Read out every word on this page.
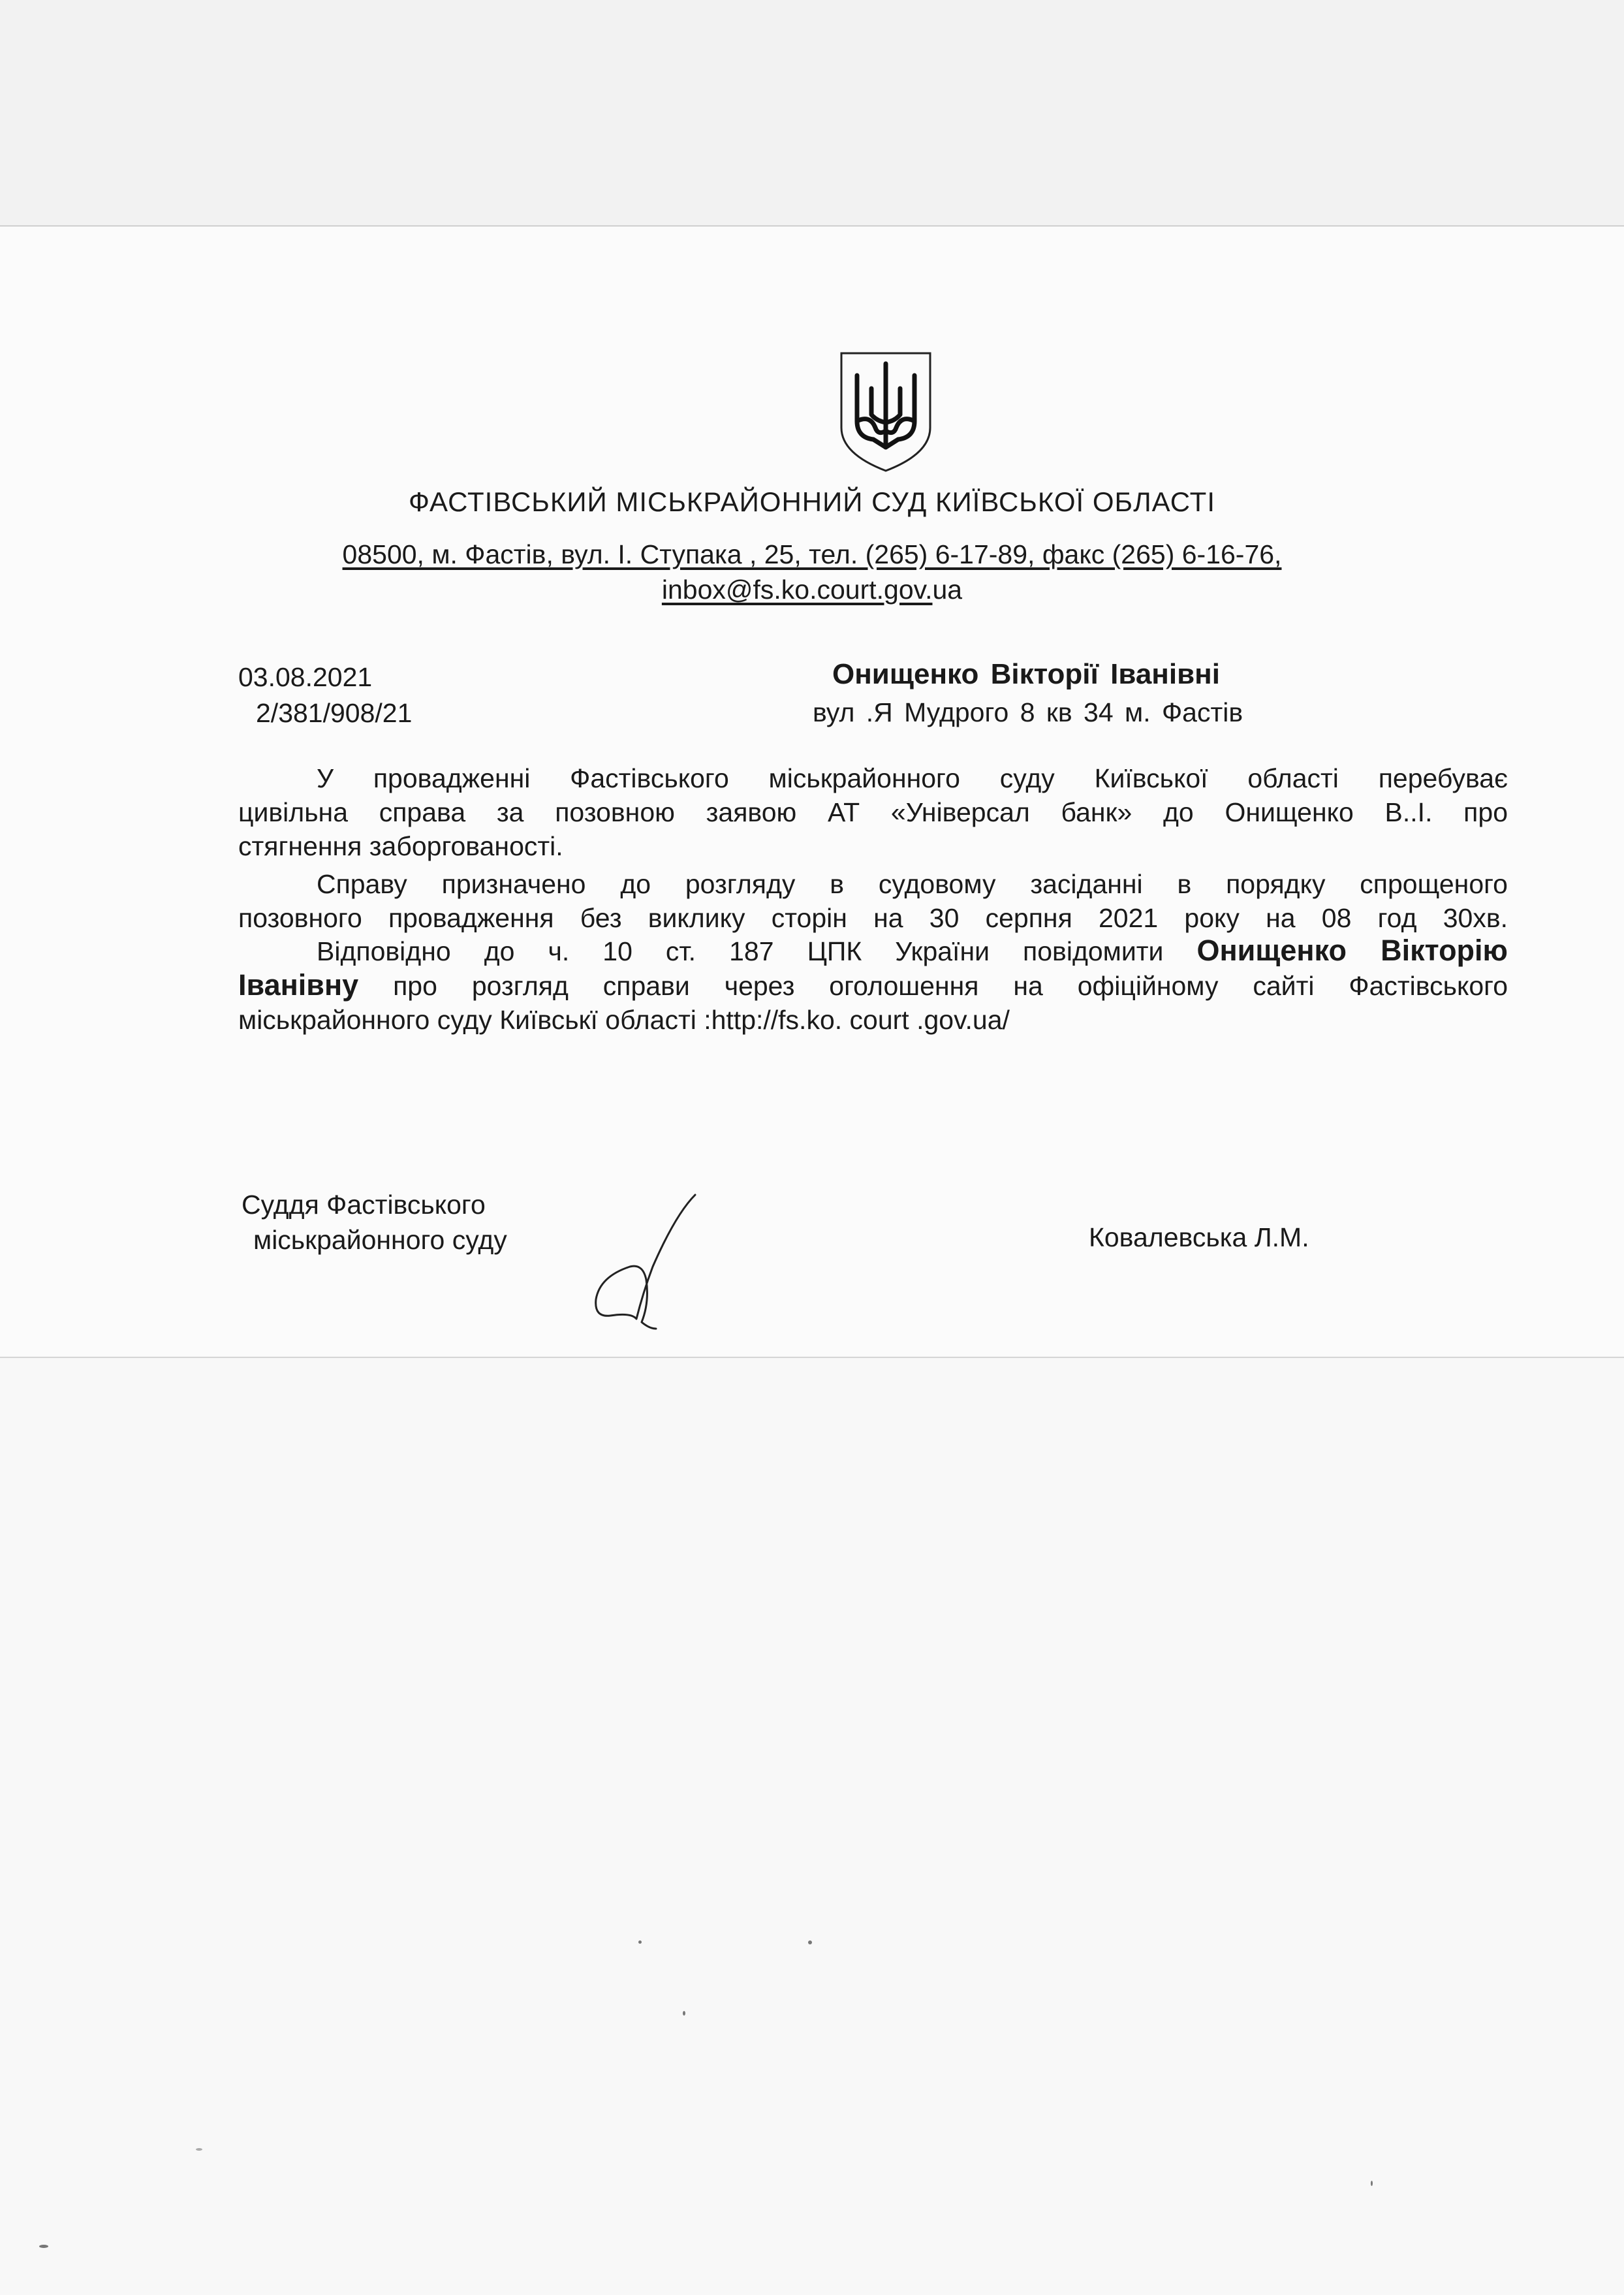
ФАСТІВСЬКИЙ МІСЬКРАЙОННИЙ СУД КИЇВСЬКОЇ ОБЛАСТІ
08500, м. Фастів, вул. І. Ступака , 25, тел. (265) 6-17-89, факс (265) 6-16-76,
inbox@fs.ko.court.gov.ua
03.08.2021
2/381/908/21
Онищенко Вікторії Іванівні
вул .Я Мудрого 8 кв 34 м. Фастів
У провадженні Фастівського міськрайонного суду Київської області перебуває
цивільна справа за позовною заявою АТ «Універсал банк» до Онищенко В..І. про
стягнення заборгованості.
Справу призначено до розгляду в судовому засіданні в порядку спрощеного
позовного провадження без виклику сторін на 30 серпня 2021 року на 08 год 30хв.
Відповідно до ч. 10 ст. 187 ЦПК України повідомити Онищенко Вікторію
Іванівну про розгляд справи через оголошення на офіційному сайті Фастівського
міськрайонного суду Київськї області :http://fs.ko. court .gov.ua/
Суддя Фастівського
міськрайонного суду	Ковалевська Л.М.
